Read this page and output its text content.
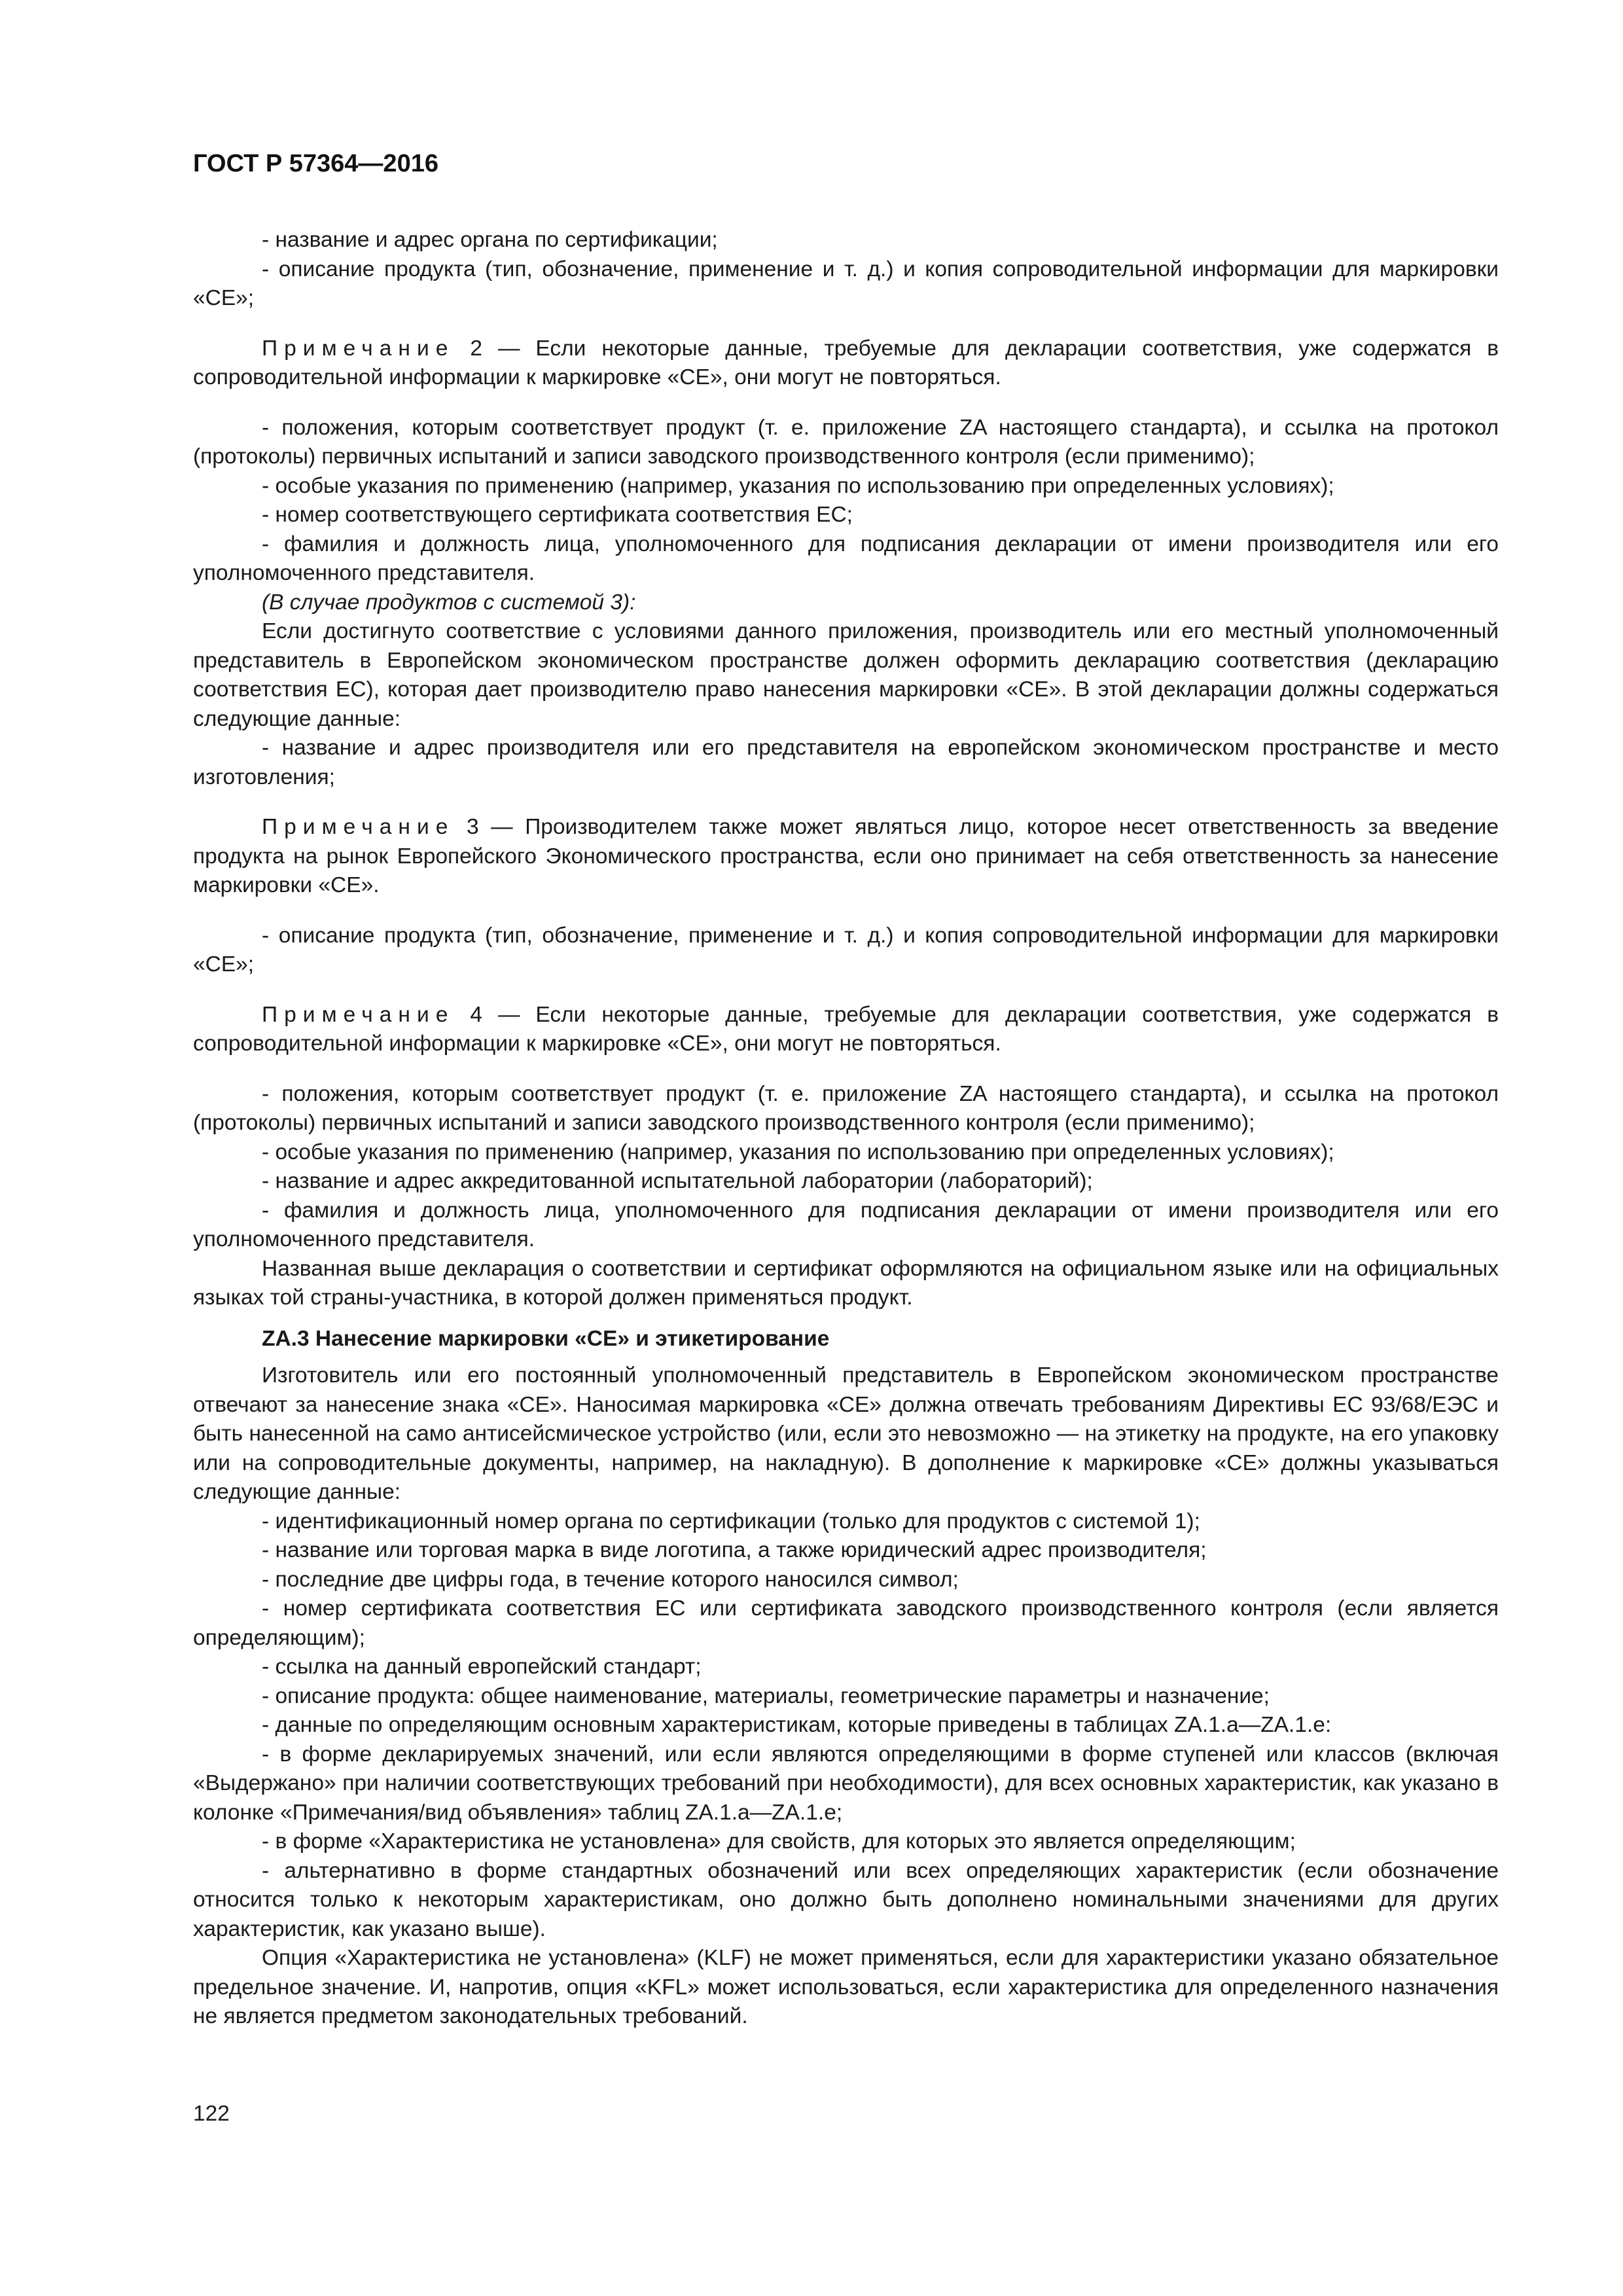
ГОСТ Р 57364—2016

- название и адрес органа по сертификации;

- описание продукта (тип, обозначение, применение и т. д.) и копия сопроводительной информации для маркировки «CE»;

Примечание 2 — Если некоторые данные, требуемые для декларации соответствия, уже содержатся в сопроводительной информации к маркировке «CE», они могут не повторяться.

- положения, которым соответствует продукт (т. е. приложение ZA настоящего стандарта), и ссылка на протокол (протоколы) первичных испытаний и записи заводского производственного контроля (если применимо);

- особые указания по применению (например, указания по использованию при определенных условиях);

- номер соответствующего сертификата соответствия ЕС;

- фамилия и должность лица, уполномоченного для подписания декларации от имени производителя или его уполномоченного представителя.

(В случае продуктов с системой 3):

Если достигнуто соответствие с условиями данного приложения, производитель или его местный уполномоченный представитель в Европейском экономическом пространстве должен оформить декларацию соответствия (декларацию соответствия ЕС), которая дает производителю право нанесения маркировки «CE». В этой декларации должны содержаться следующие данные:

- название и адрес производителя или его представителя на европейском экономическом пространстве и место изготовления;

Примечание 3 — Производителем также может являться лицо, которое несет ответственность за введение продукта на рынок Европейского Экономического пространства, если оно принимает на себя ответственность за нанесение маркировки «CE».

- описание продукта (тип, обозначение, применение и т. д.) и копия сопроводительной информации для маркировки «CE»;

Примечание 4 — Если некоторые данные, требуемые для декларации соответствия, уже содержатся в сопроводительной информации к маркировке «CE», они могут не повторяться.

- положения, которым соответствует продукт (т. е. приложение ZA настоящего стандарта), и ссылка на протокол (протоколы) первичных испытаний и записи заводского производственного контроля (если применимо);

- особые указания по применению (например, указания по использованию при определенных условиях);

- название и адрес аккредитованной испытательной лаборатории (лабораторий);

- фамилия и должность лица, уполномоченного для подписания декларации от имени производителя или его уполномоченного представителя.

Названная выше декларация о соответствии и сертификат оформляются на официальном языке или на официальных языках той страны-участника, в которой должен применяться продукт.

ZA.3 Нанесение маркировки «CE» и этикетирование

Изготовитель или его постоянный уполномоченный представитель в Европейском экономическом пространстве отвечают за нанесение знака «CE». Наносимая маркировка «CE» должна отвечать требованиям Директивы ЕС 93/68/ЕЭС и быть нанесенной на само антисейсмическое устройство (или, если это невозможно — на этикетку на продукте, на его упаковку или на сопроводительные документы, например, на накладную). В дополнение к маркировке «CE» должны указываться следующие данные:

- идентификационный номер органа по сертификации (только для продуктов с системой 1);

- название или торговая марка в виде логотипа, а также юридический адрес производителя;

- последние две цифры года, в течение которого наносился символ;

- номер сертификата соответствия ЕС или сертификата заводского производственного контроля (если является определяющим);

- ссылка на данный европейский стандарт;

- описание продукта: общее наименование, материалы, геометрические параметры и назначение;

- данные по определяющим основным характеристикам, которые приведены в таблицах ZA.1.a—ZA.1.e:

- в форме декларируемых значений, или если являются определяющими в форме ступеней или классов (включая «Выдержано» при наличии соответствующих требований при необходимости), для всех основных характеристик, как указано в колонке «Примечания/вид объявления» таблиц ZA.1.a—ZA.1.e;

- в форме «Характеристика не установлена» для свойств, для которых это является определяющим;

- альтернативно в форме стандартных обозначений или всех определяющих характеристик (если обозначение относится только к некоторым характеристикам, оно должно быть дополнено номинальными значениями для других характеристик, как указано выше).

Опция «Характеристика не установлена» (KLF) не может применяться, если для характеристики указано обязательное предельное значение. И, напротив, опция «KFL» может использоваться, если характеристика для определенного назначения не является предметом законодательных требований.

122
